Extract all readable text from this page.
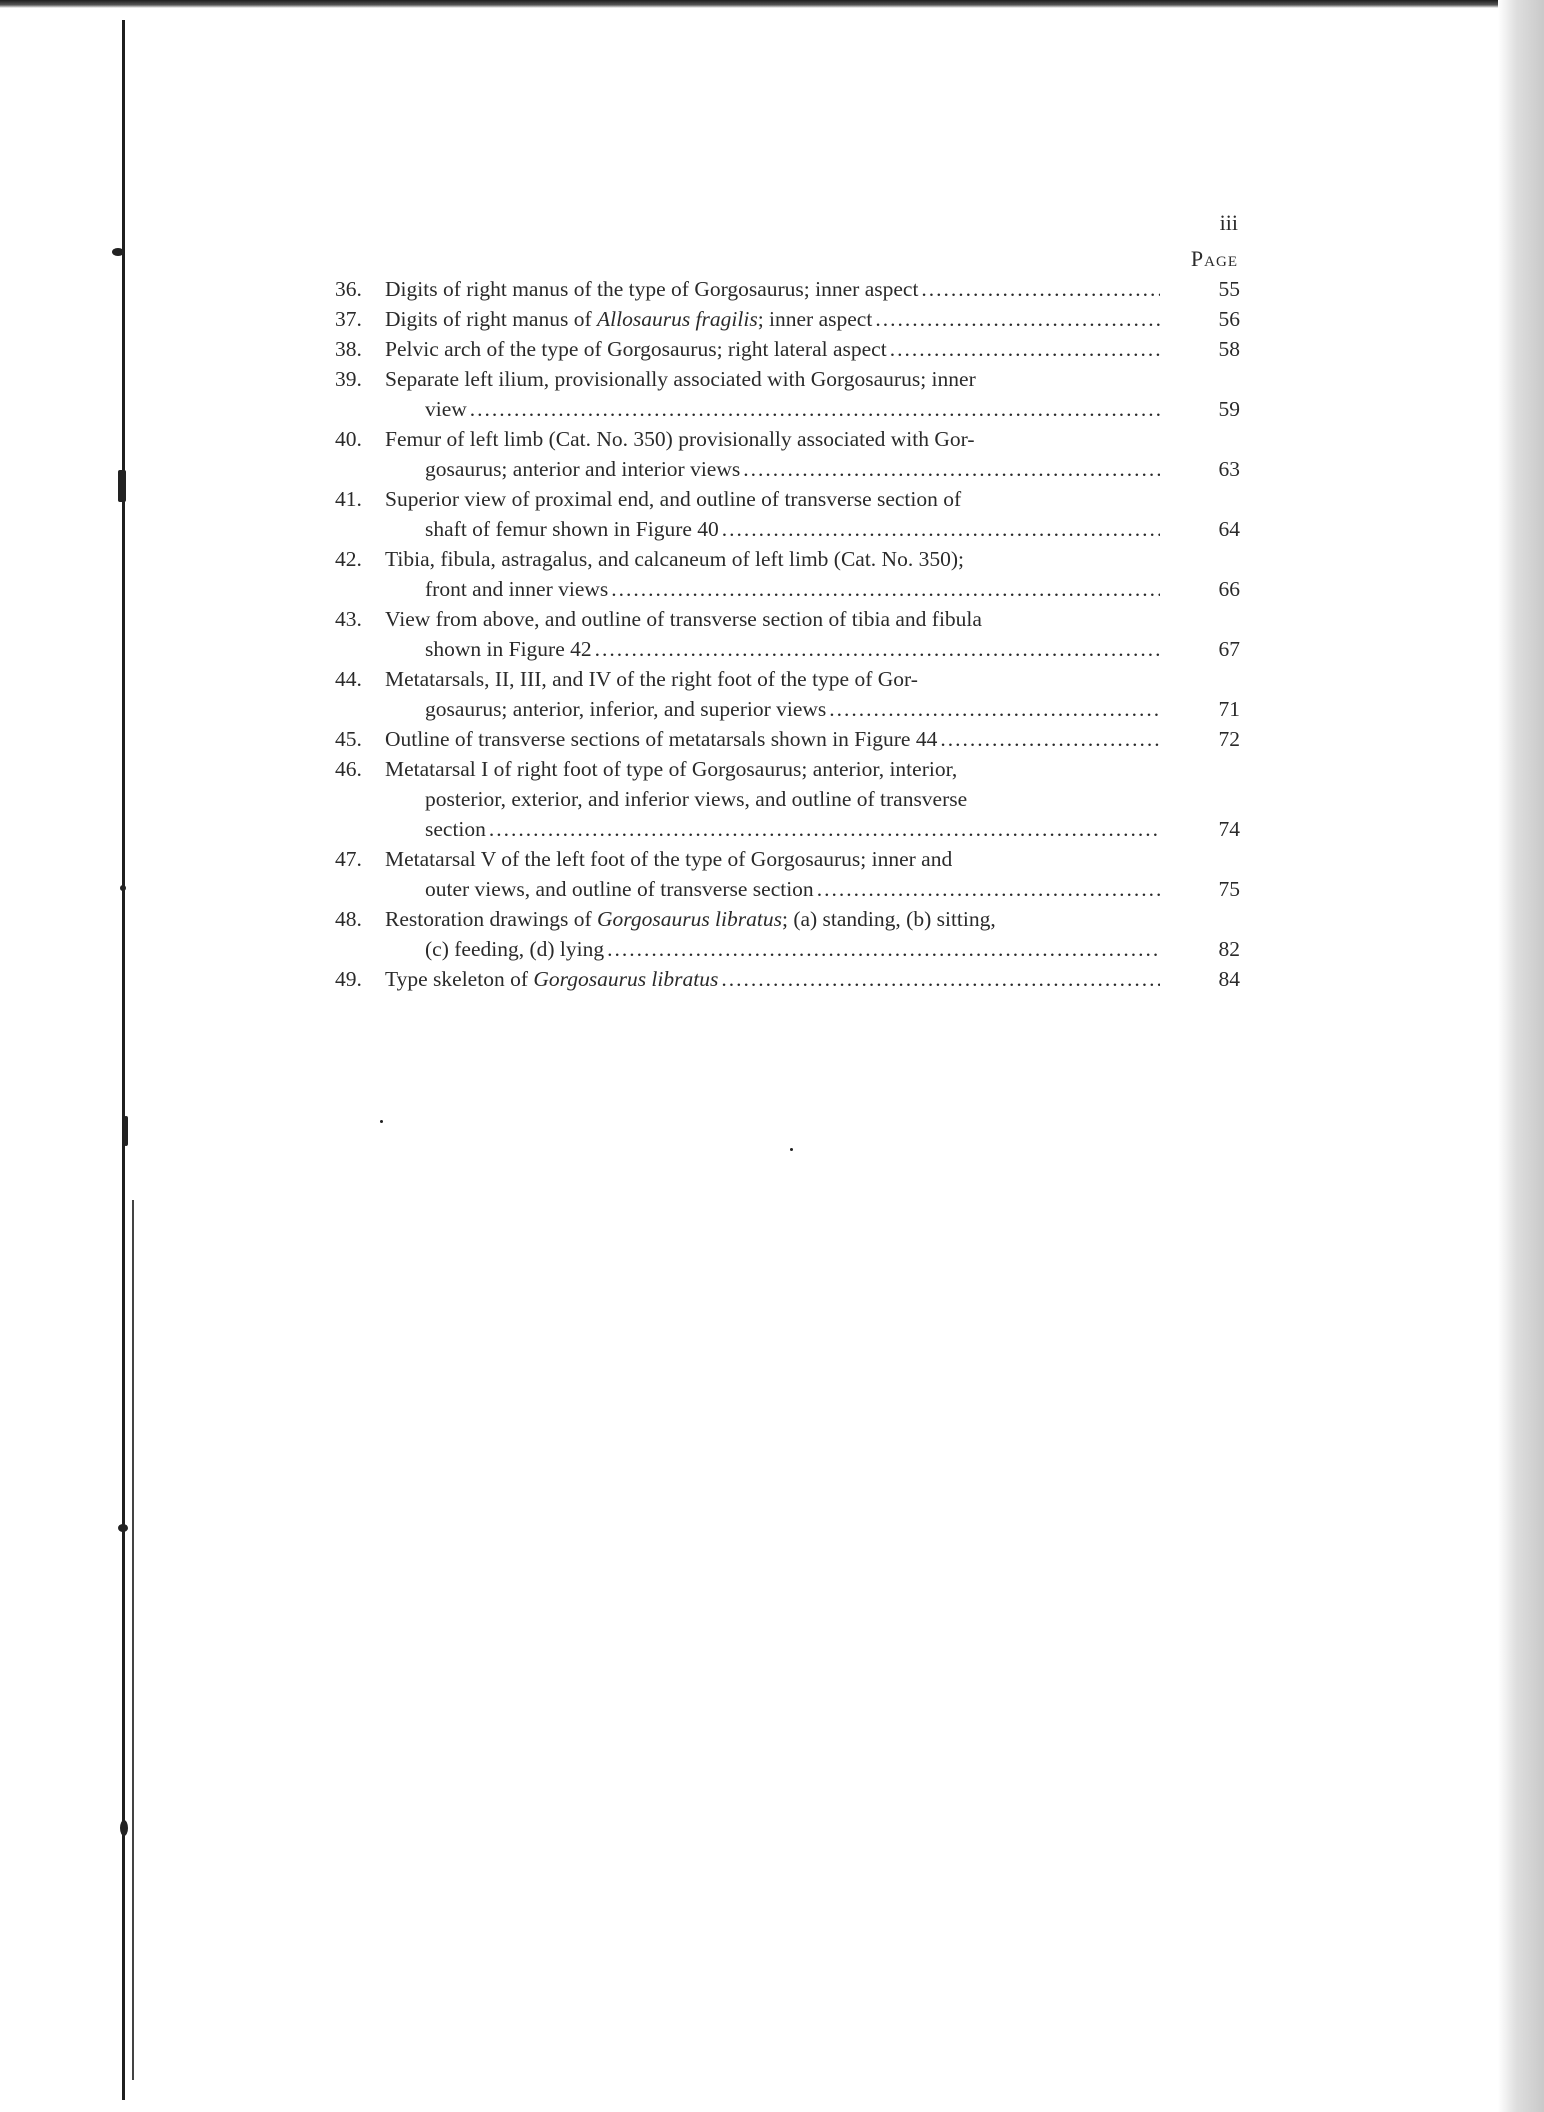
iii
Page
36.	Digits of right manus of the type of Gorgosaurus; inner aspect .....	55
37.	Digits of right manus of Allosaurus fragilis; inner aspect .....	56
38.	Pelvic arch of the type of Gorgosaurus; right lateral aspect .....	58
39.	Separate left ilium, provisionally associated with Gorgosaurus; inner
view .....	59
40.	Femur of left limb (Cat. No. 350) provisionally associated with Gor-
gosaurus; anterior and interior views .....	63
41.	Superior view of proximal end, and outline of transverse section of
shaft of femur shown in Figure 40 .....	64
42.	Tibia, fibula, astragalus, and calcaneum of left limb (Cat. No. 350);
front and inner views .....	66
43.	View from above, and outline of transverse section of tibia and fibula
shown in Figure 42 .....	67
44.	Metatarsals, II, III, and IV of the right foot of the type of Gor-
gosaurus; anterior, inferior, and superior views .....	71
45.	Outline of transverse sections of metatarsals shown in Figure 44 .....	72
46.	Metatarsal I of right foot of type of Gorgosaurus; anterior, interior,
posterior, exterior, and inferior views, and outline of transverse
section .....	74
47.	Metatarsal V of the left foot of the type of Gorgosaurus; inner and
outer views, and outline of transverse section .....	75
48.	Restoration drawings of Gorgosaurus libratus; (a) standing, (b) sitting,
(c) feeding, (d) lying .....	82
49.	Type skeleton of Gorgosaurus libratus .....	84
